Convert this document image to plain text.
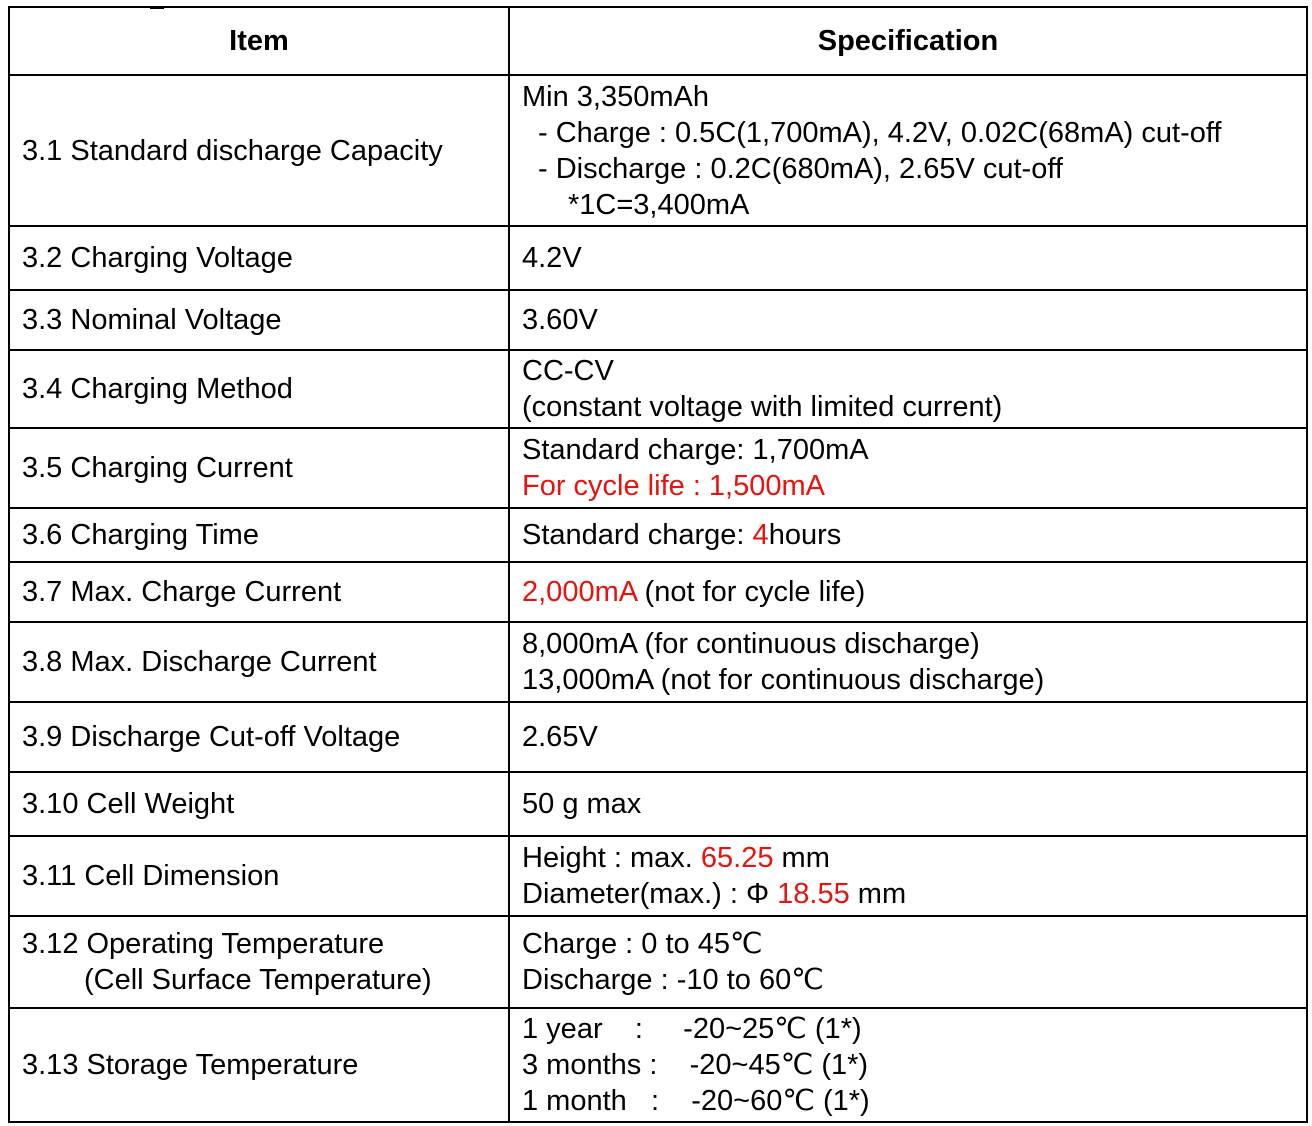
Item	Specification
3.1 Standard discharge Capacity	Min 3,350mAh
- Charge : 0.5C(1,700mA), 4.2V, 0.02C(68mA) cut-off
- Discharge : 0.2C(680mA), 2.65V cut-off
*1C=3,400mA

3.2 Charging Voltage	4.2V
3.3 Nominal Voltage	3.60V
3.4 Charging Method	CC-CV
(constant voltage with limited current)

3.5 Charging Current	Standard charge: 1,700mA
For cycle life : 1,500mA

3.6 Charging Time	Standard charge: 4hours
3.7 Max. Charge Current	2,000mA (not for cycle life)
3.8 Max. Discharge Current	8,000mA (for continuous discharge)
13,000mA (not for continuous discharge)

3.9 Discharge Cut-off Voltage	2.65V
3.10 Cell Weight	50 g max
3.11 Cell Dimension	Height : max. 65.25 mm
Diameter(max.) : Φ 18.55 mm

3.12 Operating Temperature
(Cell Surface Temperature)	Charge : 0 to 45℃
Discharge : -10 to 60℃

3.13 Storage Temperature	1 year    :     -20~25℃ (1*)
3 months :    -20~45℃ (1*)
1 month   :    -20~60℃ (1*)
